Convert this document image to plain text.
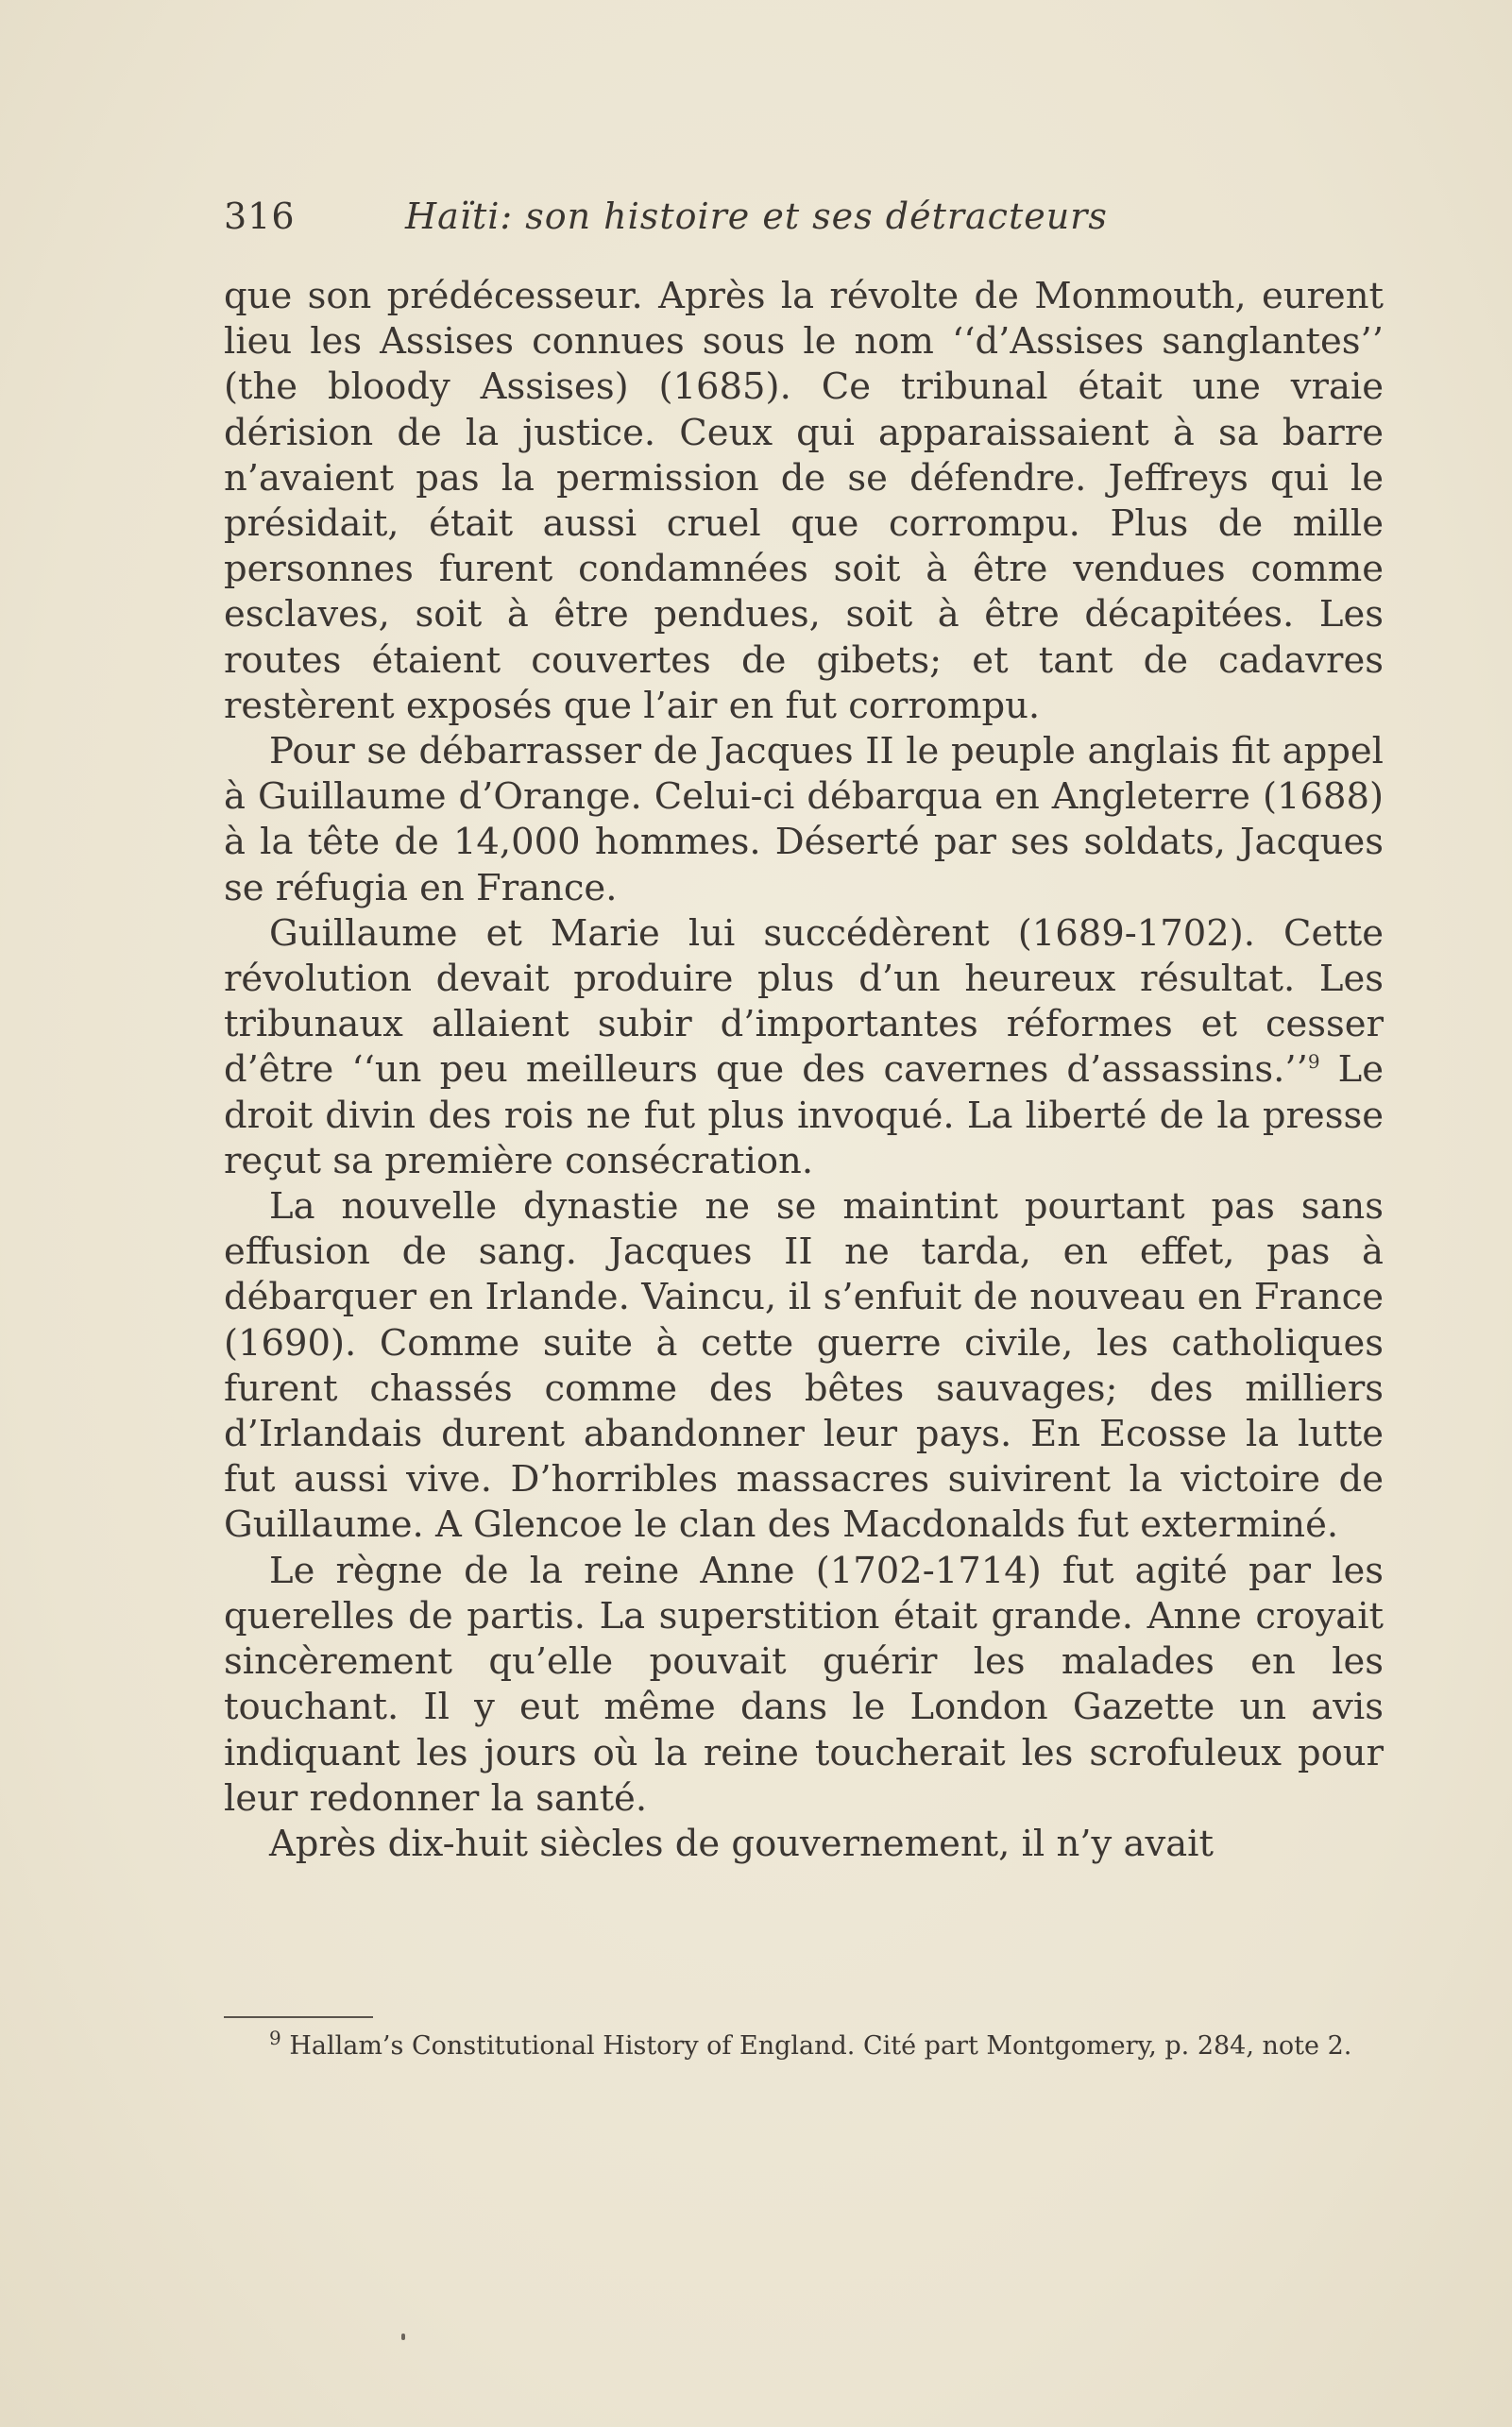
316	Haïti: son histoire et ses détracteurs

que son prédécesseur. Après la révolte de Monmouth, eurent lieu les Assises connues sous le nom ‘‘d’Assises sanglantes’’ (the bloody Assises) (1685). Ce tribunal était une vraie dérision de la justice. Ceux qui apparaissaient à sa barre n’avaient pas la permission de se défendre. Jeffreys qui le présidait, était aussi cruel que corrompu. Plus de mille personnes furent condamnées soit à être vendues comme esclaves, soit à être pendues, soit à être décapitées. Les routes étaient couvertes de gibets; et tant de cadavres restèrent exposés que l’air en fut corrompu.

Pour se débarrasser de Jacques II le peuple anglais fit appel à Guillaume d’Orange. Celui-ci débarqua en Angleterre (1688) à la tête de 14,000 hommes. Déserté par ses soldats, Jacques se réfugia en France.

Guillaume et Marie lui succédèrent (1689-1702). Cette révolution devait produire plus d’un heureux résultat. Les tribunaux allaient subir d’importantes réformes et cesser d’être ‘‘un peu meilleurs que des cavernes d’assassins.’’$^9$ Le droit divin des rois ne fut plus invoqué. La liberté de la presse reçut sa première consécration.

La nouvelle dynastie ne se maintint pourtant pas sans effusion de sang. Jacques II ne tarda, en effet, pas à débarquer en Irlande. Vaincu, il s’enfuit de nouveau en France (1690). Comme suite à cette guerre civile, les catholiques furent chassés comme des bêtes sauvages; des milliers d’Irlandais durent abandonner leur pays. En Ecosse la lutte fut aussi vive. D’horribles massacres suivirent la victoire de Guillaume. A Glencoe le clan des Macdonalds fut exterminé.

Le règne de la reine Anne (1702-1714) fut agité par les querelles de partis. La superstition était grande. Anne croyait sincèrement qu’elle pouvait guérir les malades en les touchant. Il y eut même dans le London Gazette un avis indiquant les jours où la reine toucherait les scrofuleux pour leur redonner la santé.

Après dix-huit siècles de gouvernement, il n’y avait

$^9$ Hallam’s Constitutional History of England. Cité part Montgomery, p. 284, note 2.
